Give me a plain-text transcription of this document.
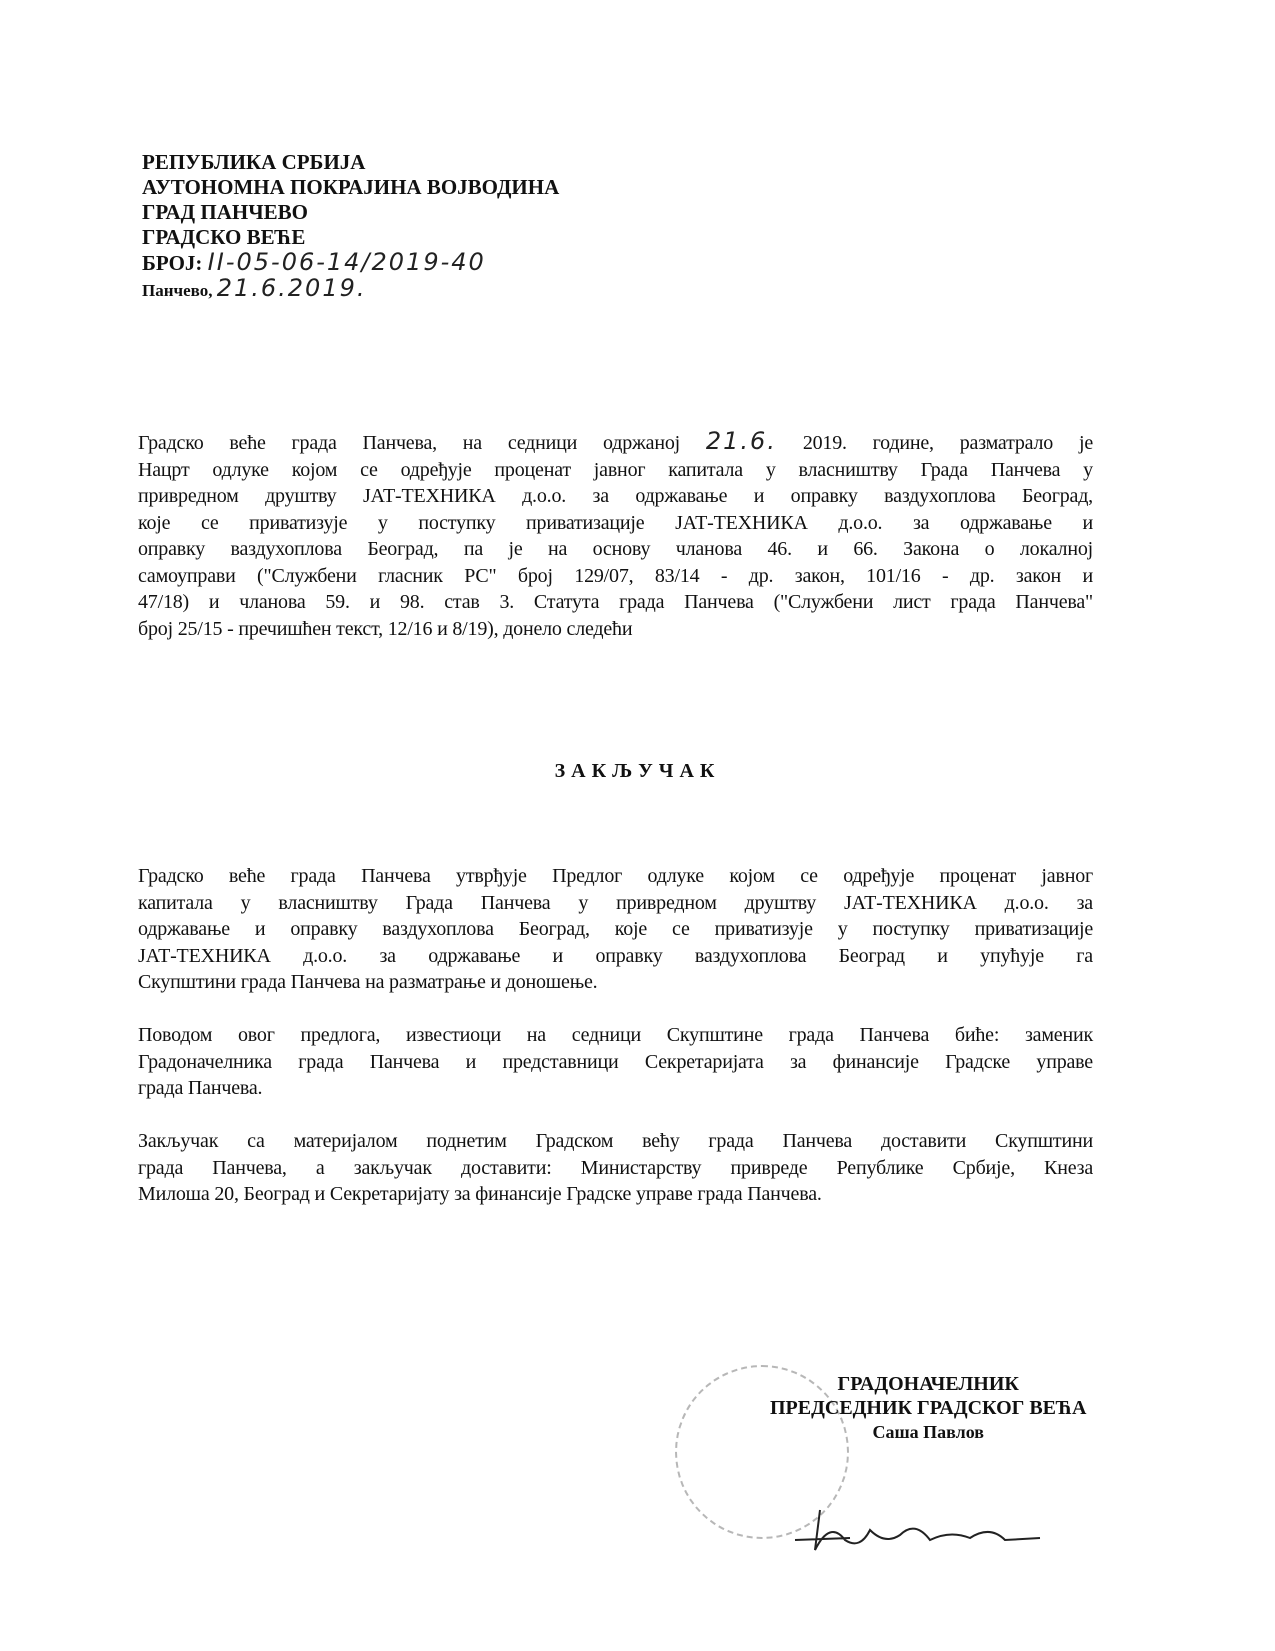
РЕПУБЛИКА СРБИЈА
АУТОНОМНА ПОКРАЈИНА ВОЈВОДИНА
ГРАД ПАНЧЕВО
ГРАДСКО ВЕЋЕ
БРОЈ: II-05-06-14/2019-40
Панчево, 21.6.2019.
Градско веће града Панчева, на седници одржаној 21.6. 2019. године, разматрало је
Нацрт одлуке којом се одређује проценат јавног капитала у власништву Града Панчева у
привредном друштву ЈАТ-ТЕХНИКА д.о.о. за одржавање и оправку ваздухоплова Београд,
које се приватизује у поступку приватизације ЈАТ-ТЕХНИКА д.о.о. за одржавање и
оправку ваздухоплова Београд, па је на основу чланова 46. и 66. Закона о локалној
самоуправи ("Службени гласник РС" број 129/07, 83/14 - др. закон, 101/16 - др. закон и
47/18) и чланова 59. и 98. став 3. Статута града Панчева ("Службени лист града Панчева"
број 25/15 - пречишћен текст, 12/16 и 8/19), донело следећи
ЗАКЉУЧАК
Градско веће града Панчева утврђује Предлог одлуке којом се одређује проценат јавног
капитала у власништву Града Панчева у привредном друштву ЈАТ-ТЕХНИКА д.о.о. за
одржавање и оправку ваздухоплова Београд, које се приватизује у поступку приватизације
ЈАТ-ТЕХНИКА д.о.о. за одржавање и оправку ваздухоплова Београд и упућује га
Скупштини града Панчева на разматрање и доношење.
Поводом овог предлога, известиоци на седници Скупштине града Панчева биће: заменик
Градоначелника града Панчева и представници Секретаријата за финансије Градске управе
града Панчева.
Закључак са материјалом поднетим Градском већу града Панчева доставити Скупштини
града Панчева, а закључак доставити: Министарству привреде Републике Србије, Кнеза
Милоша 20, Београд и Секретаријату за финансије Градске управе града Панчева.
ГРАДОНАЧЕЛНИК
ПРЕДСЕДНИК ГРАДСКОГ ВЕЋА
Саша Павлов
